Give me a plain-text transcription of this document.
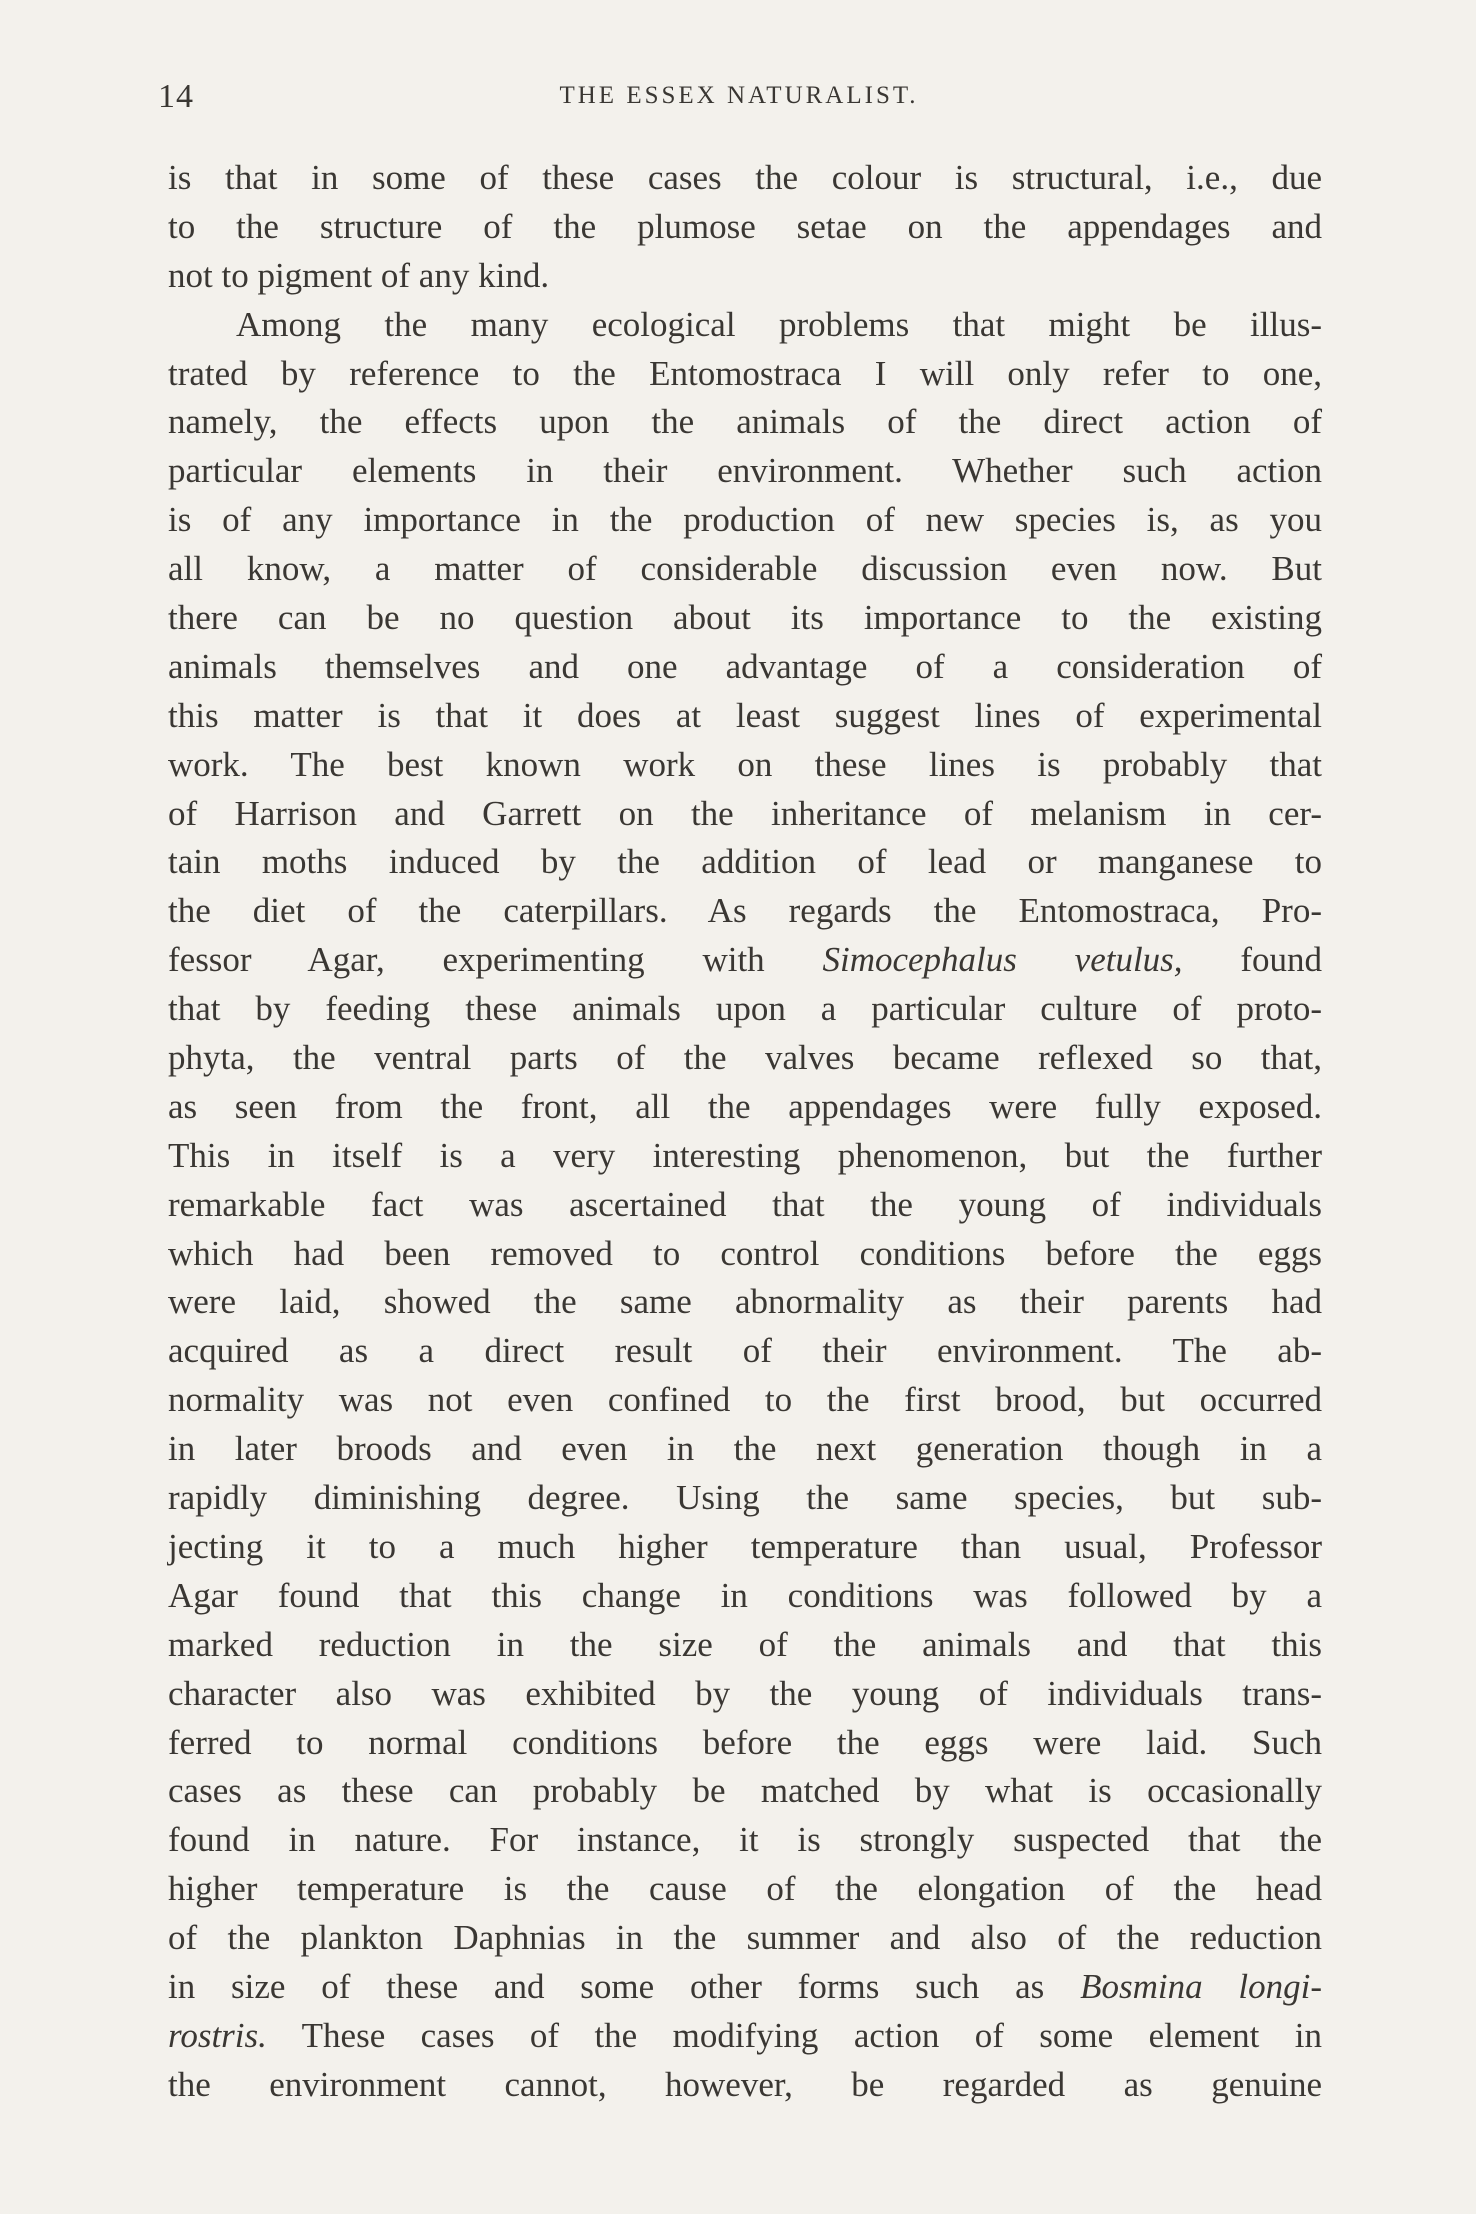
14	THE ESSEX NATURALIST.
is that in some of these cases the colour is structural, i.e., due
to the structure of the plumose setae on the appendages and
not to pigment of any kind.
Among the many ecological problems that might be illus-
trated by reference to the Entomostraca I will only refer to one,
namely, the effects upon the animals of the direct action of
particular elements in their environment. Whether such action
is of any importance in the production of new species is, as you
all know, a matter of considerable discussion even now. But
there can be no question about its importance to the existing
animals themselves and one advantage of a consideration of
this matter is that it does at least suggest lines of experimental
work. The best known work on these lines is probably that
of Harrison and Garrett on the inheritance of melanism in cer-
tain moths induced by the addition of lead or manganese to
the diet of the caterpillars. As regards the Entomostraca, Pro-
fessor Agar, experimenting with Simocephalus vetulus, found
that by feeding these animals upon a particular culture of proto-
phyta, the ventral parts of the valves became reflexed so that,
as seen from the front, all the appendages were fully exposed.
This in itself is a very interesting phenomenon, but the further
remarkable fact was ascertained that the young of individuals
which had been removed to control conditions before the eggs
were laid, showed the same abnormality as their parents had
acquired as a direct result of their environment. The ab-
normality was not even confined to the first brood, but occurred
in later broods and even in the next generation though in a
rapidly diminishing degree. Using the same species, but sub-
jecting it to a much higher temperature than usual, Professor
Agar found that this change in conditions was followed by a
marked reduction in the size of the animals and that this
character also was exhibited by the young of individuals trans-
ferred to normal conditions before the eggs were laid. Such
cases as these can probably be matched by what is occasionally
found in nature. For instance, it is strongly suspected that the
higher temperature is the cause of the elongation of the head
of the plankton Daphnias in the summer and also of the reduction
in size of these and some other forms such as Bosmina longi-
rostris. These cases of the modifying action of some element in
the environment cannot, however, be regarded as genuine
